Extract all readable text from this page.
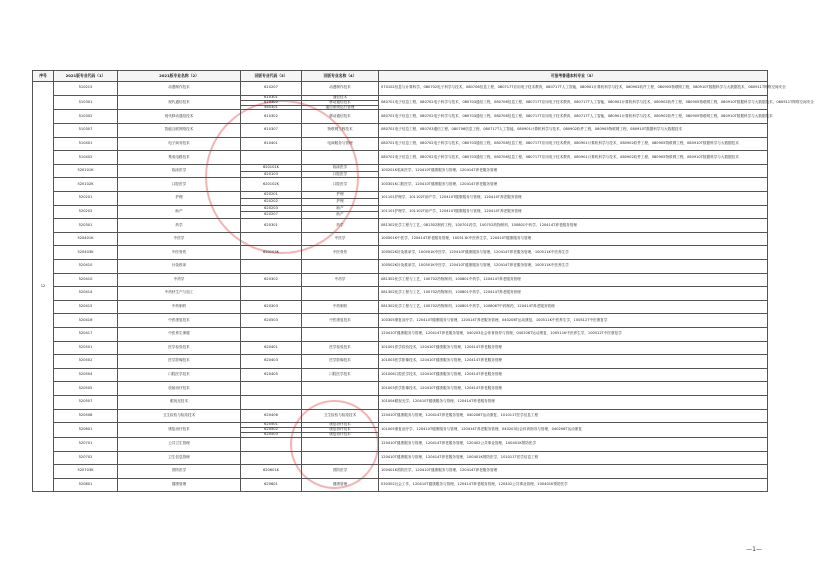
序号	2021版专业代码（1）	2021版专业名称（2）	旧版专业代码（3）	旧版专业名称（4）	可报考普通本科专业（5）
12	510215	动漫制作技术	610207	动漫制作技术	070102信息与计算科学，080702电子科学与技术，080706信息工程，080717T应用电子技术教育，080717T人工智能，080901计算机科学与技术，080902软件工程，080905物联网工程，080910T数据科学与大数据技术，080911T网络空间安全
	510301	现代通信技术	610301	通信技术	080701电子信息工程，080702电子科学与技术，080703通信工程，080706信息工程，080717T应用电子技术教育，080717T人工智能，080901计算机科学与技术，080902软件工程，080905物联网工程，080910T数据科学与大数据技术，080911T网络空间安全
			610302	移动通信技术	
			560301	通信系统运行管理	
	510302	现代移动通信技术	610302	移动通信技术	080701电子信息工程，080702电子科学与技术，080703通信工程，080706信息工程，080717T应用电子技术教育，080717T人工智能，080901计算机科学与技术，080902软件工程，080905物联网工程，080910T数据科学与大数据技术
	510307	智能互联网络技术	610307	物联网工程技术	080701电子信息工程，080703通信工程，080706信息工程，080717T人工智能，080901计算机科学与技术，080902软件工程，080905物联网工程，080910T数据科学与大数据技术
	510401	电子商务技术	610401	电商服务与管理	080701电子信息工程，080702电子科学与技术，080703通信工程，080706信息工程，080717T应用电子技术教育，080901计算机科学与技术，080902软件工程，080905物联网工程，080910T数据科学与大数据技术
	510402	集成电路技术			080701电子信息工程，080702电子科学与技术，080703通信工程，080706信息工程，080717T应用电子技术教育，080901计算机科学与技术，080902软件工程，080905物联网工程，080910T数据科学与大数据技术
	520101K	临床医学	620101K	临床医学	100201K临床医学，120410T健康服务与管理，120414T养老服务管理
			620103	口腔医学	
	520102K	口腔医学	620102K	口腔医学	100301K口腔医学，120410T健康服务与管理，120414T养老服务管理
	520201	护理	620201	护理	101101护理学，101102T助产学，120410T健康服务与管理，120414T养老服务管理
			620202	护理	
	520202	助产	620203	助产	101101护理学，101102T助产学，120410T健康服务与管理，120414T养老服务管理
			620207	助产	
	520301	药学	620301	药学	081302化学工程与工艺，081302制药工程，100701药学，100702药物制剂，100801中药学，120414T养老服务管理
	520401K	中医学		中医学	100501K中医学，120414T养老服务管理，100511K中医养生学，120410T健康服务与管理
	520403K	中医骨伤	620103K	中医骨伤	100502K针灸推拿学，100501K中医学，120410T健康服务与管理，120414T养老服务管理，100511K中医养生学
	520410	针灸推拿			100502K针灸推拿学，100501K中医学，120410T健康服务与管理，120414T养老服务管理，100511K中医养生学
	520410	中药学	620302	中药学	081302化学工程与工艺，100702药物制剂，100801中药学，120414T养老服务管理
	520414	中药材生产与加工			081302化学工程与工艺，100702药物制剂，100801中药学，120414T养老服务管理
	520415	中药制药	620303	中药制药	081302化学工程与工艺，100702药物制剂，100801中药学，100806T中药制药，120414T养老服务管理
	520416	中医康复技术	620503	中医康复技术	100305康复治疗学，120410T健康服务与管理，120414T养老服务管理，040206T运动康复，100511K中医养生学，100512T中医康复学
	520417	中医养生保健			120410T健康服务与管理，120414T养老服务管理，040203社会体育指导与管理，040206T运动康复，100511K中医养生学，100512T中医康复学
	520501	医学检验技术	620401	医学检验技术	101001医学检验技术，120410T健康服务与管理，120414T养老服务管理
	520502	医学影像技术	620403	医学影像技术	101003医学影像技术，120410T健康服务与管理，120414T养老服务管理
	520504	口腔医学技术	620405	口腔医学技术	101006口腔医学技术，120410T健康服务与管理，120414T养老服务管理
	520505	放射治疗技术			101003医学影像技术，120410T健康服务与管理，120414T养老服务管理
	520507	眼视光技术			101004眼视光学，120410T健康服务与管理，120414T养老服务管理
	520508	卫生检验与检疫技术	620406	卫生检验与检疫技术	120410T健康服务与管理，120414T养老服务管理，040206T运动康复，101011T医学信息工程
	520601	康复治疗技术	620501	康复治疗技术	101005康复治疗学，120410T健康服务与管理，120414T养老服务管理，040203社会体育指导与管理，040206T运动康复
			620502	康复治疗技术	
			620503	康复治疗技术	
	520701	公共卫生管理			120410T健康服务与管理，120414T养老服务管理，120402公共事业管理，100401K预防医学
	520702	卫生信息管理			120410T健康服务与管理，120414T养老服务管理，100401K预防医学，101011T医学信息工程
	520703K	预防医学	620601K	预防医学	100401K预防医学，120410T健康服务与管理，120414T养老服务管理
	520801	健康管理	620601	健康管理	030302社会工作，120410T健康服务与管理，120414T养老服务管理，120402公共事业管理，100401K预防医学
—1—
